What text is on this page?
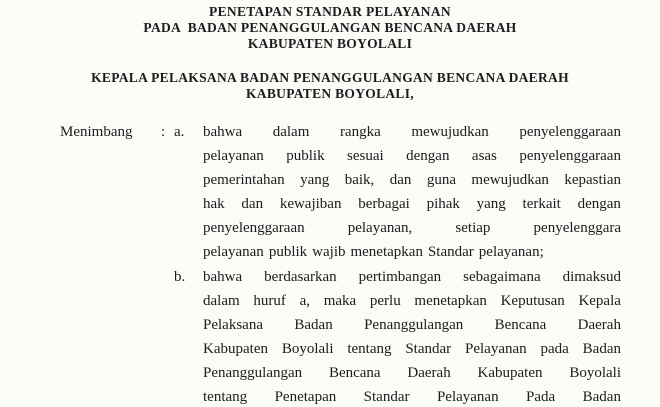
PENETAPAN STANDAR PELAYANAN
PADA  BADAN PENANGGULANGAN BENCANA DAERAH
KABUPATEN BOYOLALI
KEPALA PELAKSANA BADAN PENANGGULANGAN BENCANA DAERAH
KABUPATEN BOYOLALI,
Menimbang : a. bahwa dalam rangka mewujudkan penyelenggaraan
pelayanan publik sesuai dengan asas penyelenggaraan
pemerintahan yang baik, dan guna mewujudkan kepastian
hak dan kewajiban berbagai pihak yang terkait dengan
penyelenggaraan	pelayanan,	setiap	penyelenggara
pelayanan publik wajib menetapkan Standar pelayanan;
b. bahwa berdasarkan pertimbangan sebagaimana dimaksud
dalam huruf a, maka perlu menetapkan Keputusan Kepala
Pelaksana Badan Penanggulangan Bencana Daerah
Kabupaten Boyolali tentang Standar Pelayanan pada Badan
Penanggulangan Bencana Daerah Kabupaten Boyolali
tentang Penetapan Standar Pelayanan Pada Badan
